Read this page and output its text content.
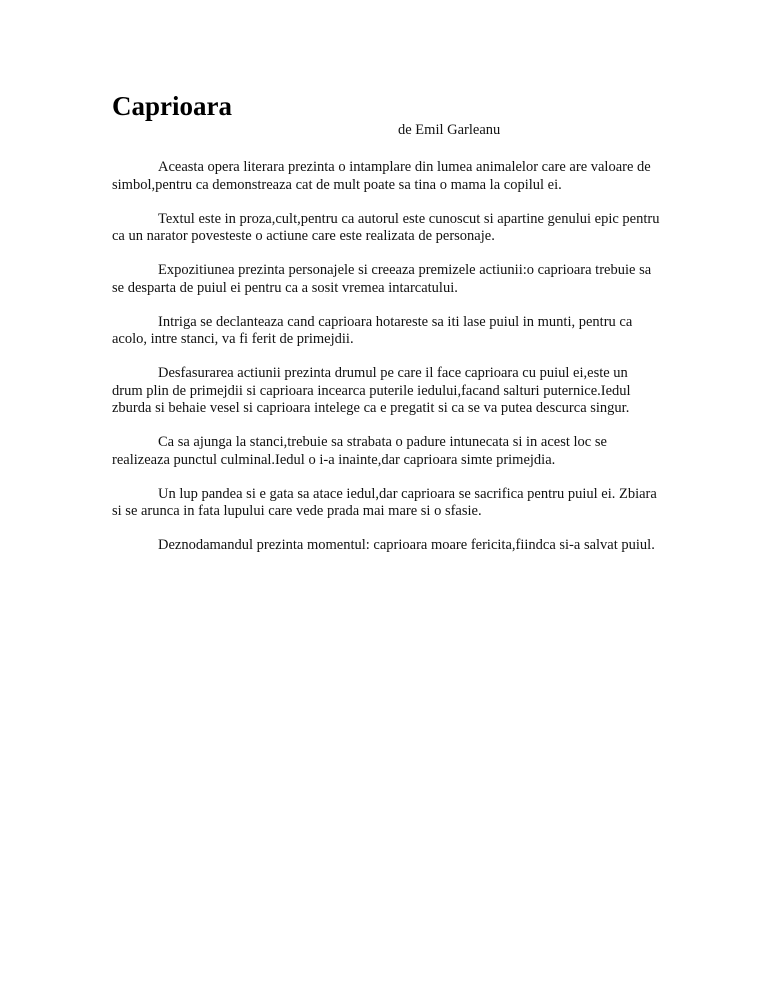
Caprioara
de Emil Garleanu

Aceasta opera literara prezinta o intamplare din lumea animalelor care are valoare de simbol,pentru ca demonstreaza cat de mult poate sa tina o mama la copilul ei.

Textul este in proza,cult,pentru ca autorul este cunoscut si apartine genului epic pentru ca un narator povesteste o actiune care este realizata de personaje.

Expozitiunea prezinta personajele si creeaza premizele actiunii:o caprioara trebuie sa se desparta de puiul ei pentru ca a sosit vremea intarcatului.

Intriga se declanteaza cand caprioara hotareste sa iti lase puiul in munti, pentru ca acolo, intre stanci, va fi ferit de primejdii.

Desfasurarea actiunii prezinta drumul pe care il face caprioara cu puiul ei,este un drum plin de primejdii si caprioara incearca puterile iedului,facand salturi puternice.Iedul zburda si behaie vesel si caprioara intelege ca e pregatit si ca se va putea descurca singur.

Ca sa ajunga la stanci,trebuie sa strabata o padure intunecata si in acest loc se realizeaza punctul culminal.Iedul o i-a inainte,dar caprioara simte primejdia.

Un lup pandea si e gata sa atace iedul,dar caprioara se sacrifica pentru puiul ei. Zbiara si se arunca in fata lupului care vede prada mai mare si o sfasie.

Deznodamandul prezinta momentul: caprioara moare fericita,fiindca si-a salvat puiul.
